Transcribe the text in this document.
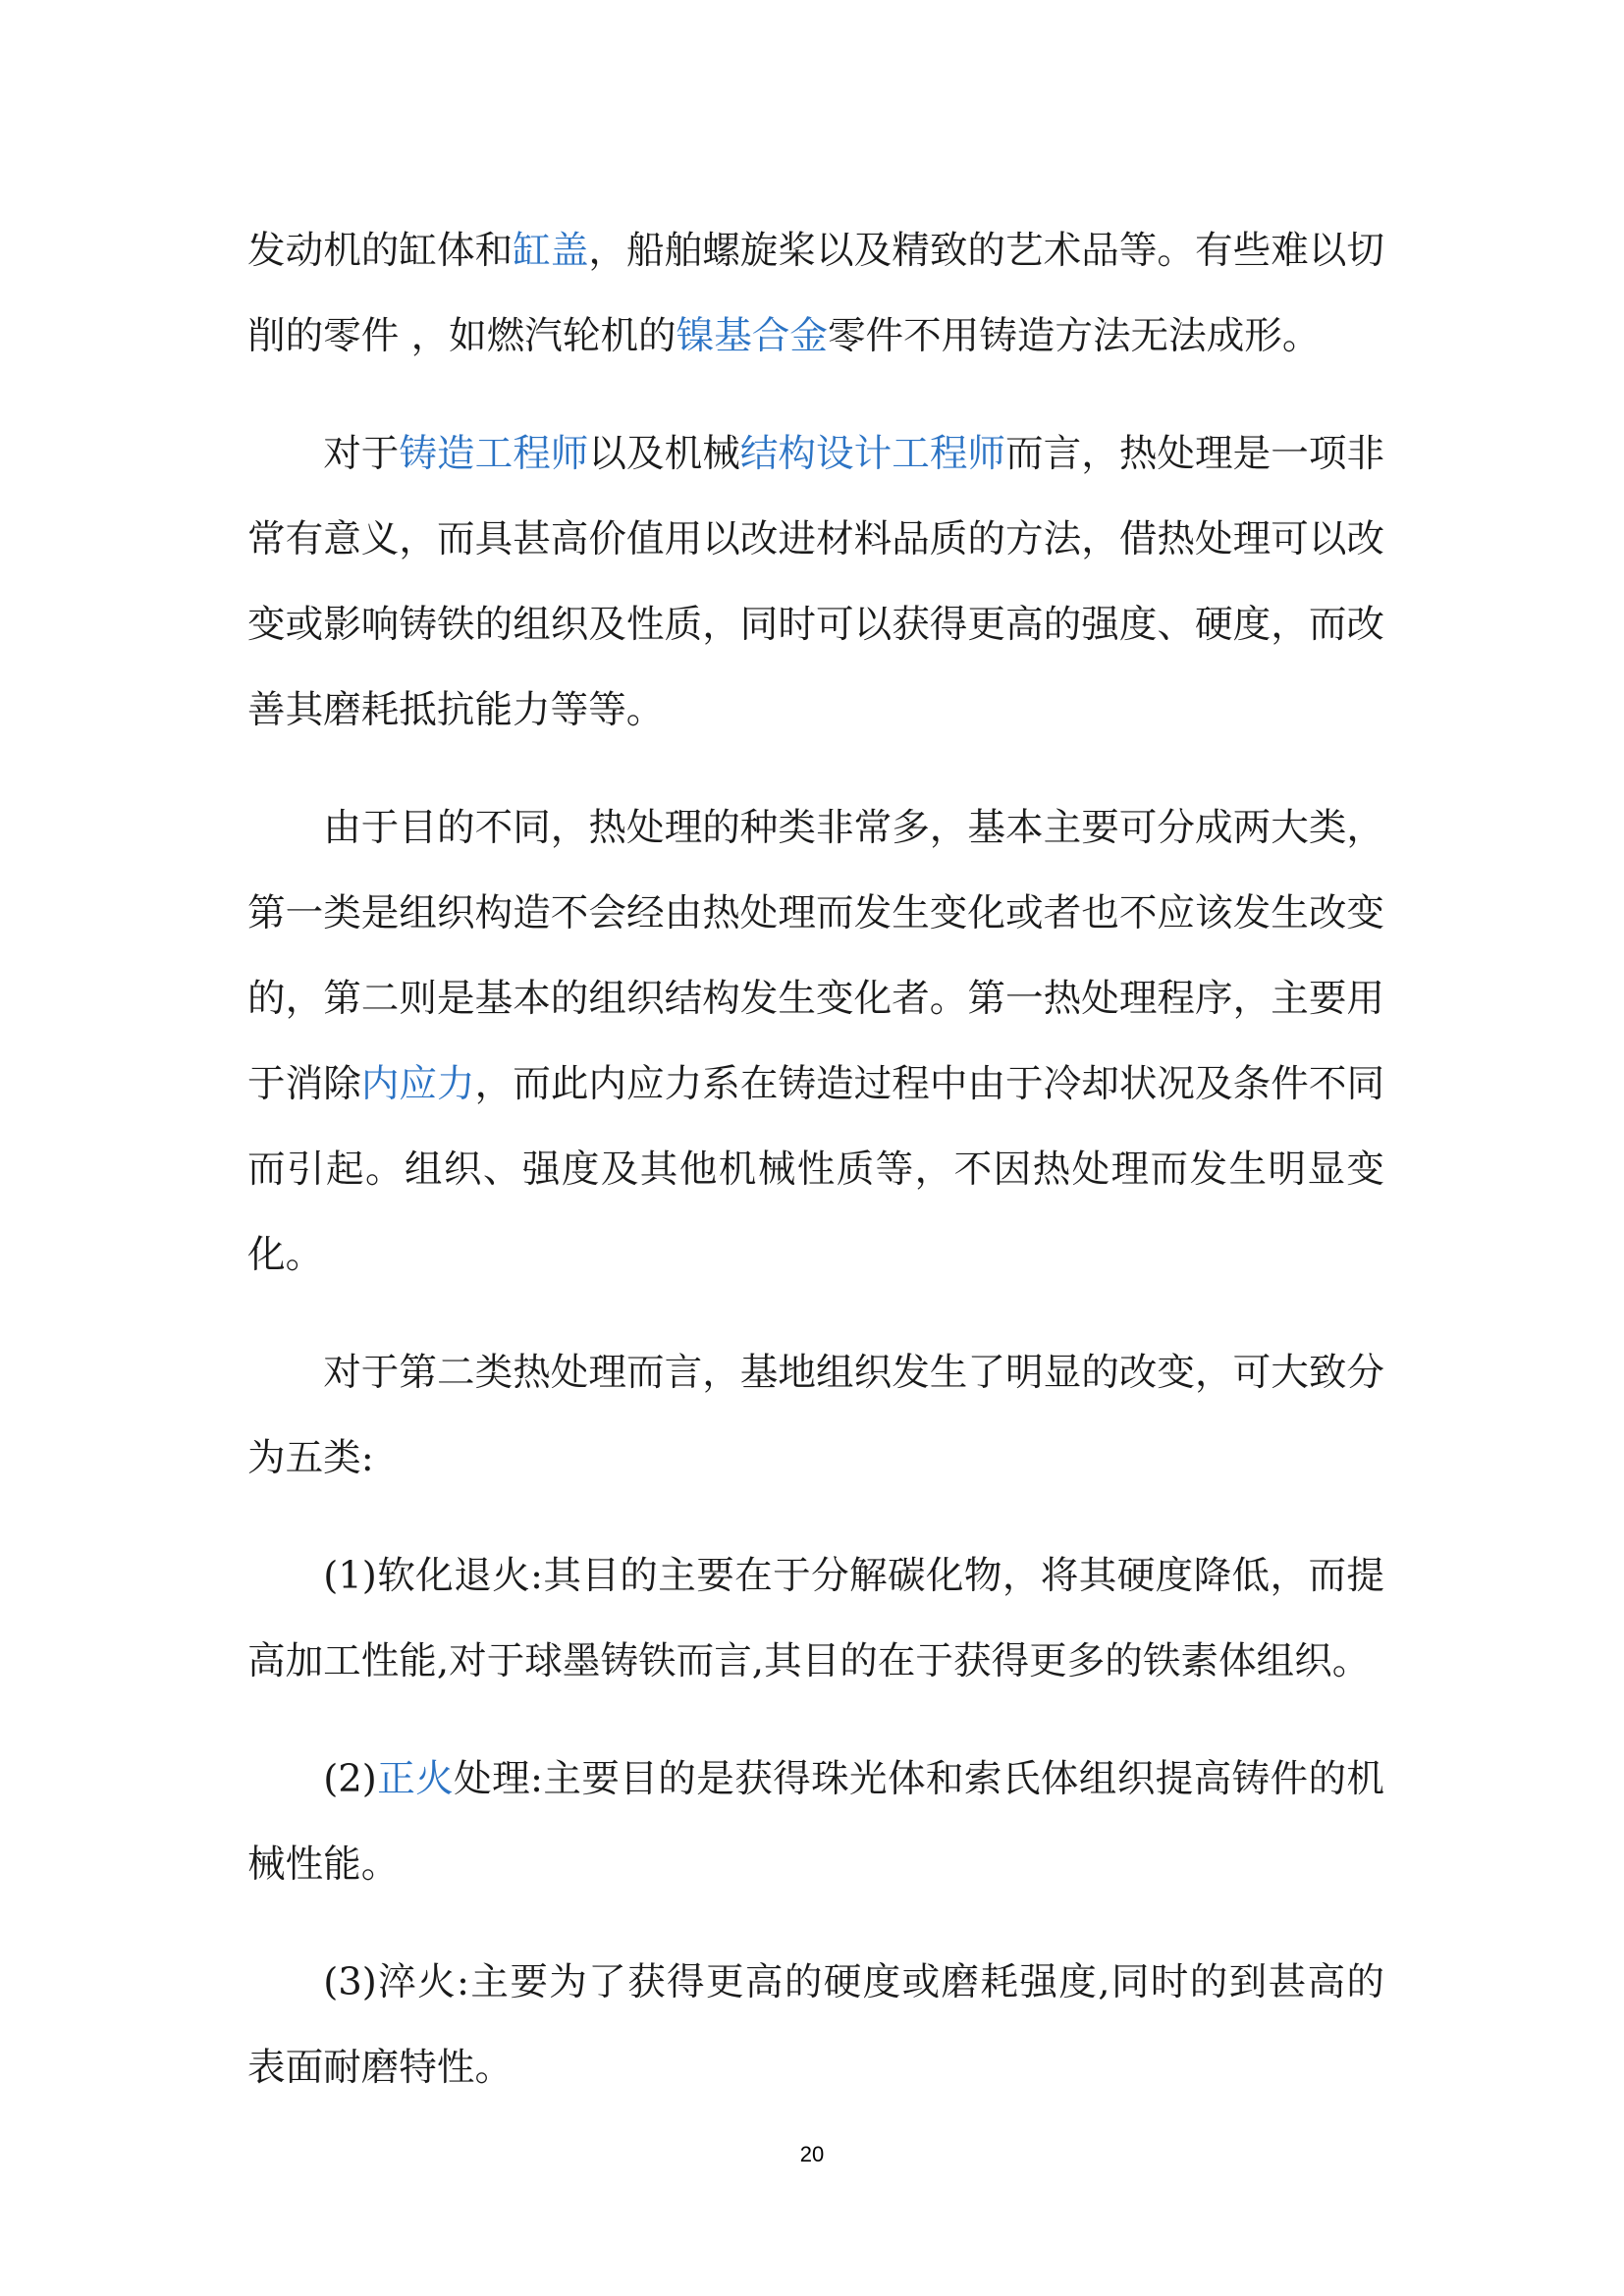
发动机的缸体和缸盖，船舶螺旋桨以及精致的艺术品等。有些难以切削的零件 ，如燃汽轮机的镍基合金零件不用铸造方法无法成形。

对于铸造工程师以及机械结构设计工程师而言，热处理是一项非常有意义，而具甚高价值用以改进材料品质的方法，借热处理可以改变或影响铸铁的组织及性质，同时可以获得更高的强度、硬度，而改善其磨耗抵抗能力等等。

由于目的不同，热处理的种类非常多，基本主要可分成两大类，第一类是组织构造不会经由热处理而发生变化或者也不应该发生改变的，第二则是基本的组织结构发生变化者。第一热处理程序，主要用于消除内应力，而此内应力系在铸造过程中由于冷却状况及条件不同而引起。组织、强度及其他机械性质等，不因热处理而发生明显变化。

对于第二类热处理而言，基地组织发生了明显的改变，可大致分为五类:

(1)软化退火:其目的主要在于分解碳化物，将其硬度降低，而提高加工性能,对于球墨铸铁而言,其目的在于获得更多的铁素体组织。

(2)正火处理:主要目的是获得珠光体和索氏体组织提高铸件的机械性能。

(3)淬火:主要为了获得更高的硬度或磨耗强度,同时的到甚高的表面耐磨特性。

20
